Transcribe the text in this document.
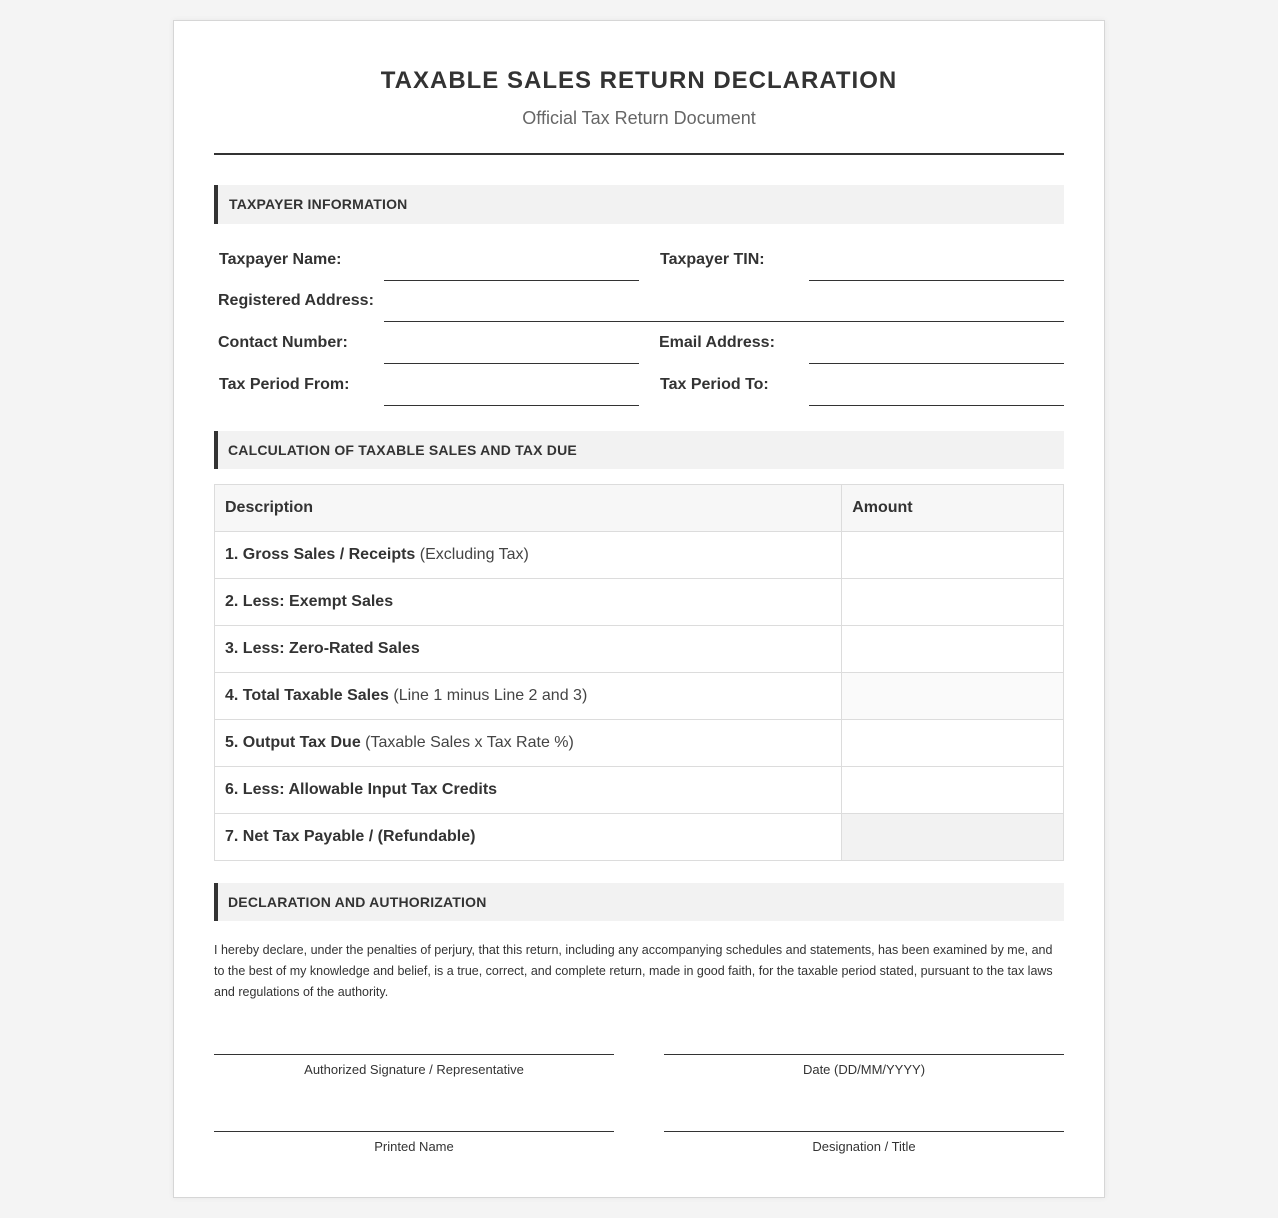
TAXABLE SALES RETURN DECLARATION
Official Tax Return Document
TAXPAYER INFORMATION
Taxpayer Name:	Taxpayer TIN:
Registered Address:
Contact Number:	Email Address:
Tax Period From:	Tax Period To:
CALCULATION OF TAXABLE SALES AND TAX DUE
Description	Amount
1. Gross Sales / Receipts (Excluding Tax)	
2. Less: Exempt Sales	
3. Less: Zero-Rated Sales	
4. Total Taxable Sales (Line 1 minus Line 2 and 3)	
5. Output Tax Due (Taxable Sales x Tax Rate %)	
6. Less: Allowable Input Tax Credits	
7. Net Tax Payable / (Refundable)	
DECLARATION AND AUTHORIZATION

I hereby declare, under the penalties of perjury, that this return, including any accompanying schedules and statements, has been examined by me, and to the best of my knowledge and belief, is a true, correct, and complete return, made in good faith, for the taxable period stated, pursuant to the tax laws and regulations of the authority.

Authorized Signature / Representative	Date (DD/MM/YYYY)
Printed Name	Designation / Title
